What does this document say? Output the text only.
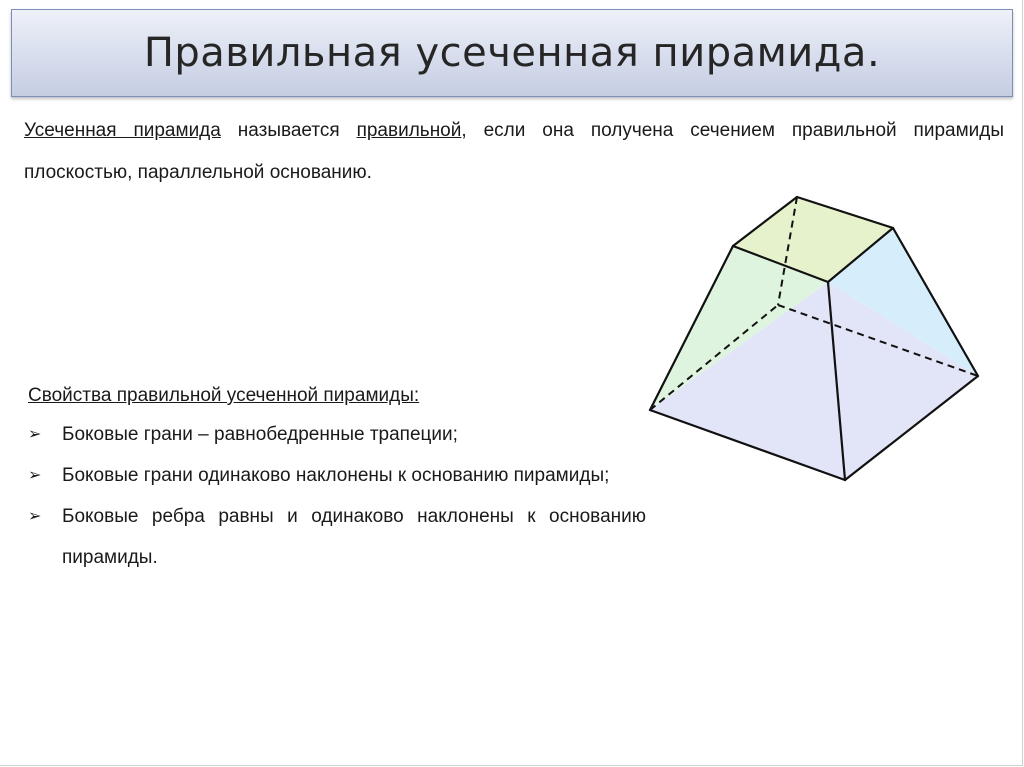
Правильная усеченная пирамида.
Усеченная пирамида называется правильной, если она получена сечением правильной пирамиды плоскостью, параллельной основанию.
Свойства правильной усеченной пирамиды:
➢	Боковые грани – равнобедренные трапеции;
➢	Боковые грани одинаково наклонены к основанию пирамиды;
➢	Боковые ребра равны и одинаково наклонены к основанию пирамиды.
